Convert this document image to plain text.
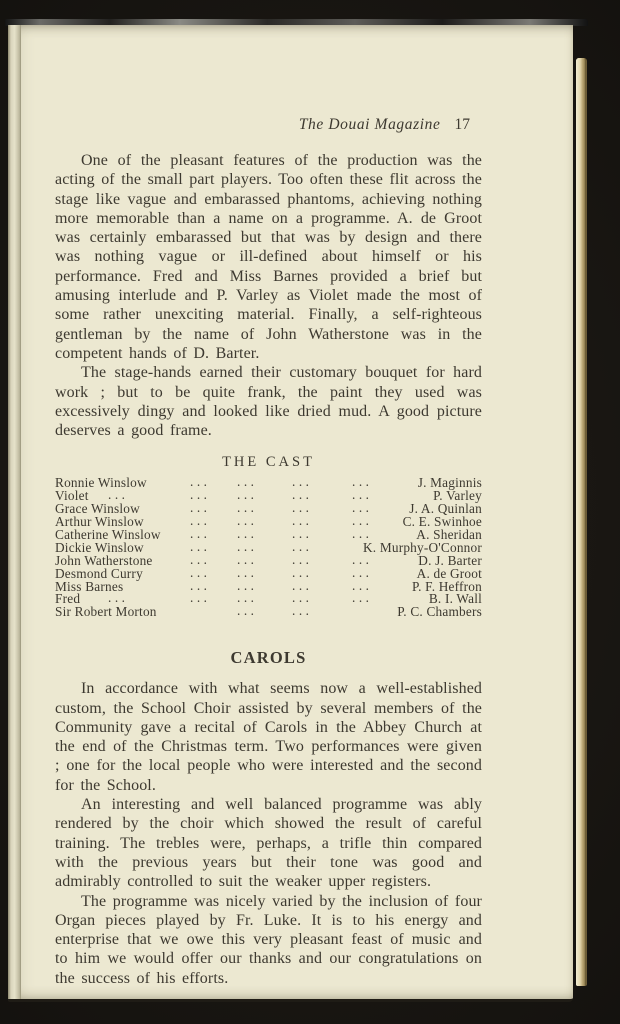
The Douai Magazine 17

One of the pleasant features of the production was the acting of the small part players. Too often these flit across the stage like vague and embarassed phantoms, achieving nothing more memorable than a name on a programme. A. de Groot was certainly embarassed but that was by design and there was nothing vague or ill-defined about himself or his performance. Fred and Miss Barnes provided a brief but amusing interlude and P. Varley as Violet made the most of some rather unexciting material. Finally, a self-righteous gentleman by the name of John Watherstone was in the competent hands of D. Barter.

The stage-hands earned their customary bouquet for hard work ; but to be quite frank, the paint they used was excessively dingy and looked like dried mud. A good picture deserves a good frame.

THE CAST
Ronnie Winslow	... ...	...	...	J. Maginnis
Violet ...	... ...	...	...	P. Varley
Grace Winslow	... ...	...	...	J. A. Quinlan
Arthur Winslow	... ...	...	... C. E. Swinhoe
Catherine Winslow ... ...	...	...	A. Sheridan
Dickie Winslow	... ...	...	K. Murphy-O'Connor
John Watherstone	... ...	...	...	D. J. Barter
Desmond Curry	... ...	...	...	A. de Groot
Miss Barnes	... ...	...	...	P. F. Heffron
Fred ...	... ...	...	...	B. I. Wall
Sir Robert Morton	...	...	P. C. Chambers
CAROLS

In accordance with what seems now a well-established custom, the School Choir assisted by several members of the Community gave a recital of Carols in the Abbey Church at the end of the Christmas term. Two performances were given ; one for the local people who were interested and the second for the School.

An interesting and well balanced programme was ably rendered by the choir which showed the result of careful training. The trebles were, perhaps, a trifle thin compared with the previous years but their tone was good and admirably controlled to suit the weaker upper registers.

The programme was nicely varied by the inclusion of four Organ pieces played by Fr. Luke. It is to his energy and enterprise that we owe this very pleasant feast of music and to him we would offer our thanks and our congratulations on the success of his efforts.
